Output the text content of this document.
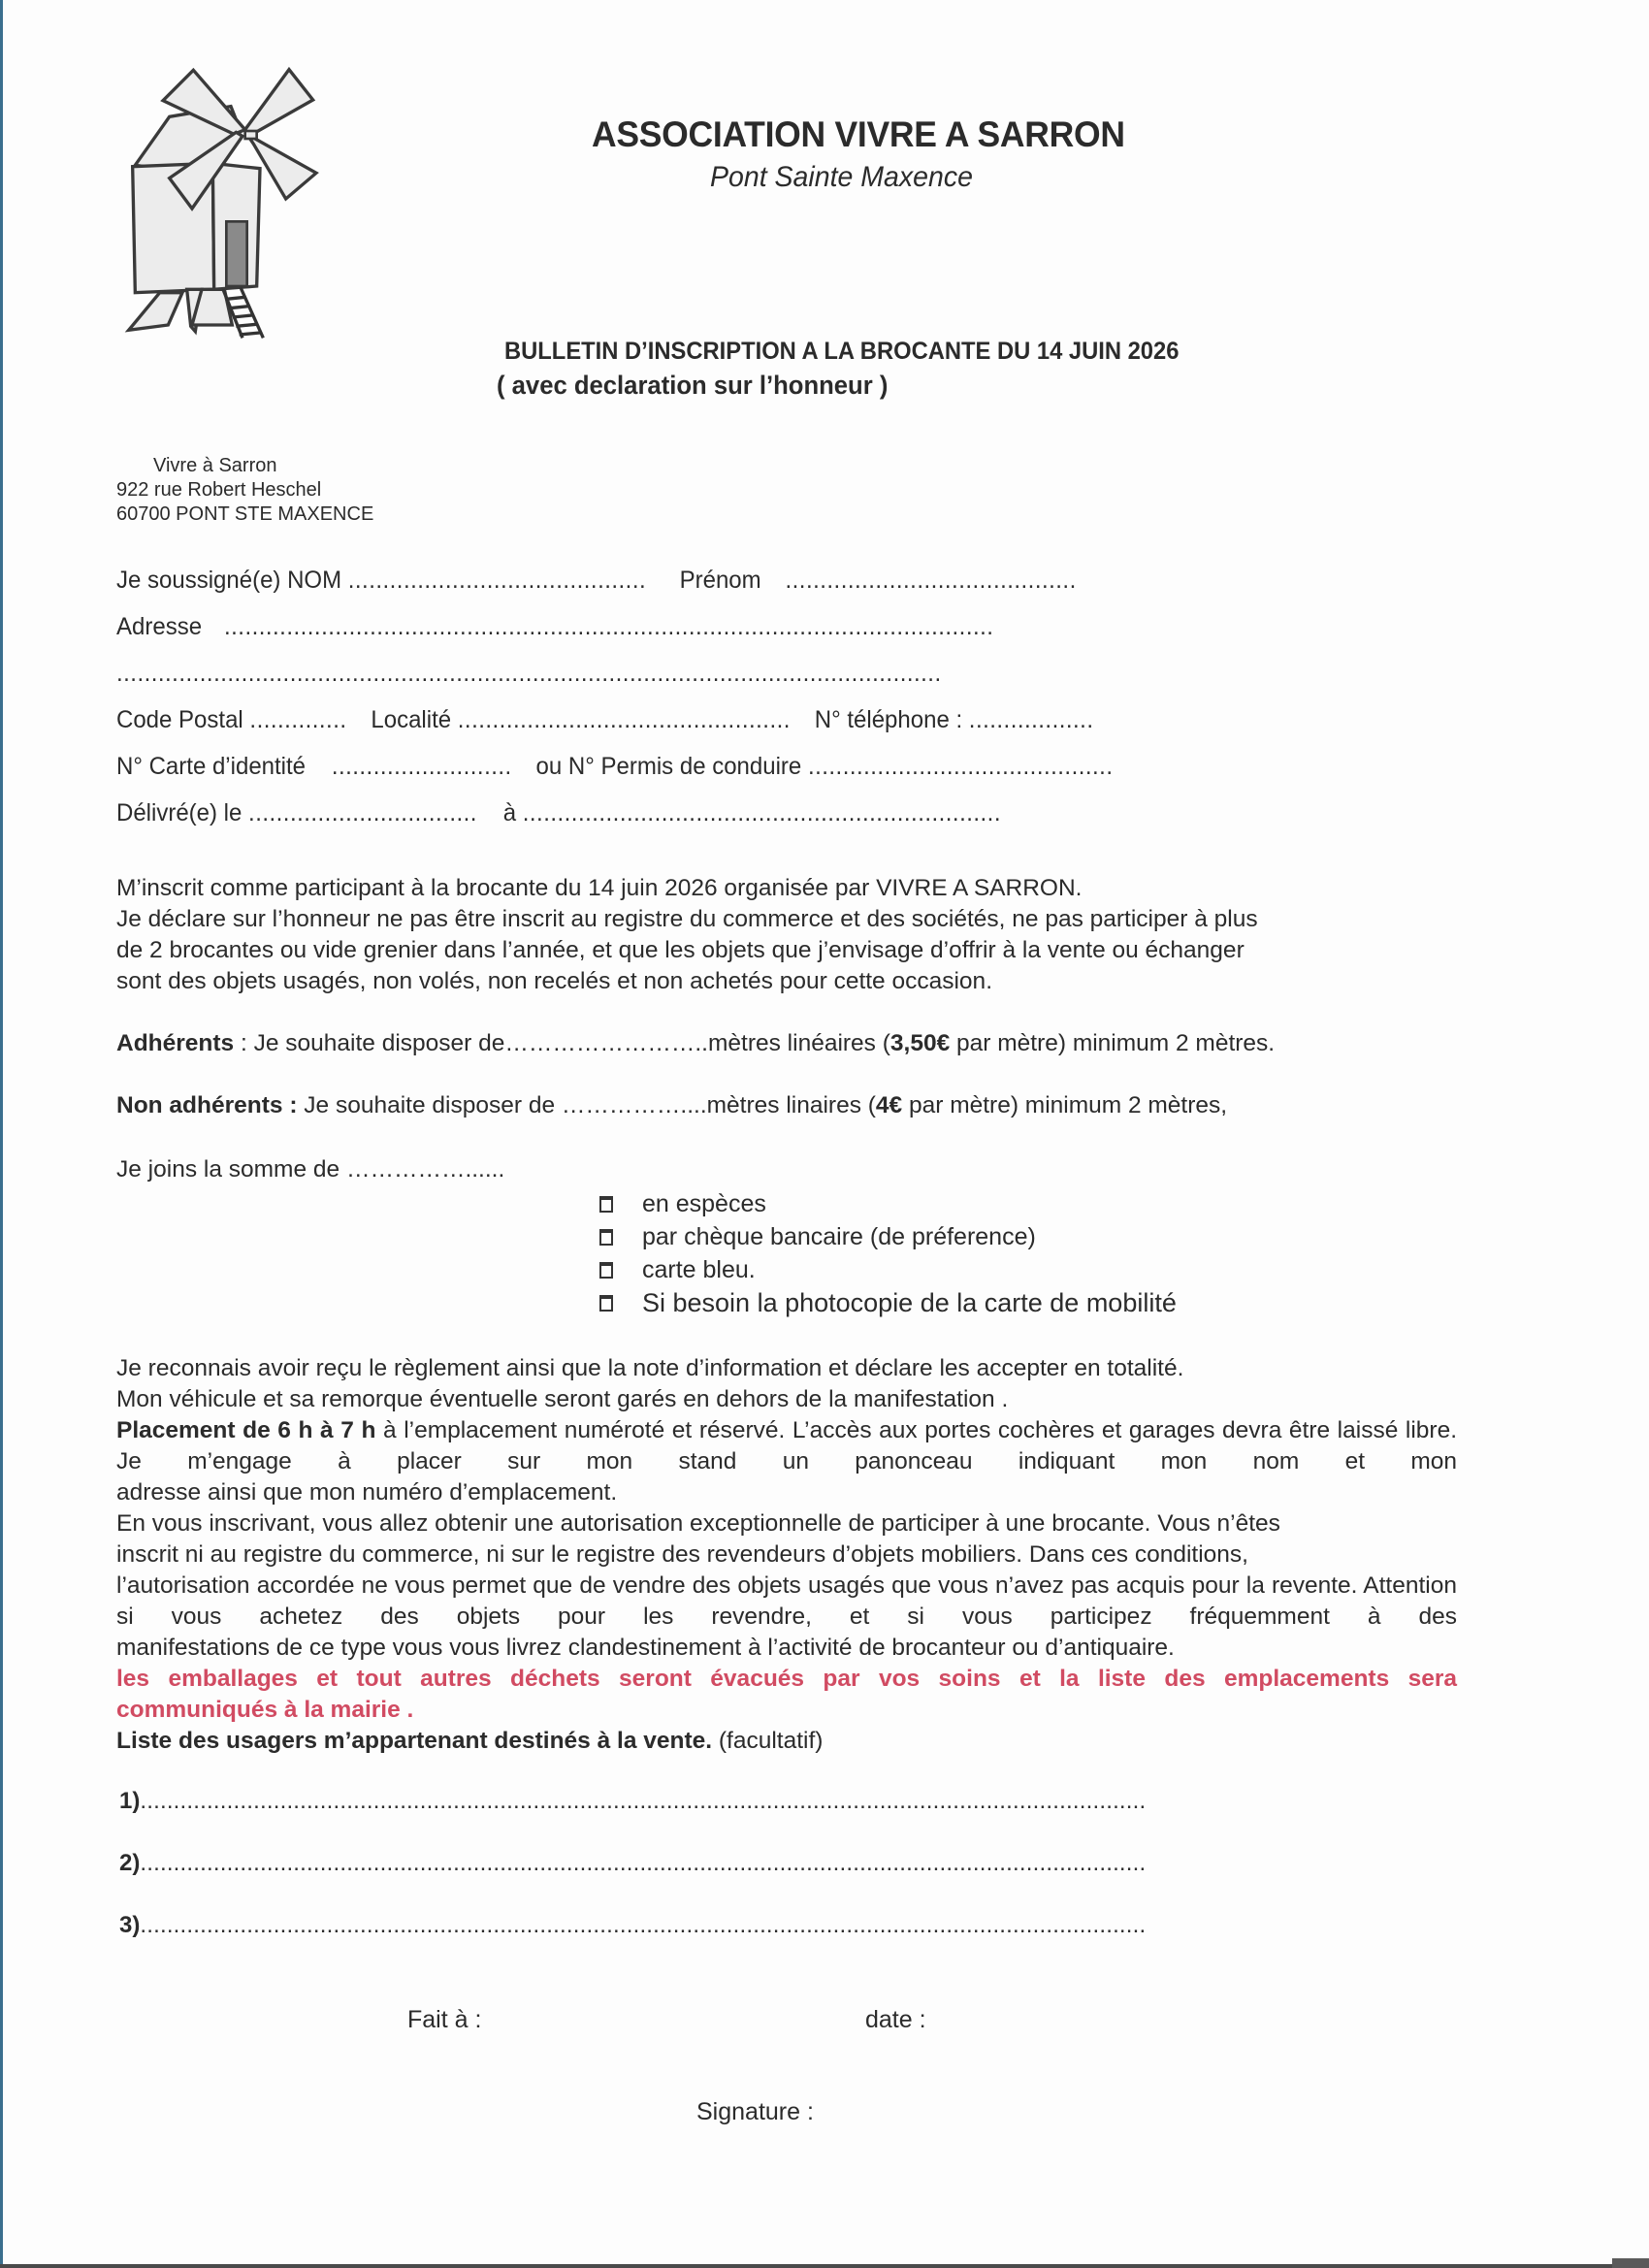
Vivre à Sarron
922 rue Robert Heschel
60700 PONT STE MAXENCE
ASSOCIATION VIVRE A SARRON
Pont Sainte Maxence
BULLETIN D’INSCRIPTION A LA BROCANTE DU 14 JUIN 2026
( avec declaration sur l’honneur )
Je soussigné(e) NOM ........................................... Prénom ..........................................
Adresse ...............................................................................................................
.......................................................................................................................
Code Postal .............. Localité ................................................ N° téléphone : ..................
N° Carte d’identité .......................... ou N° Permis de conduire ............................................
Délivré(e) le ................................. à .....................................................................
M’inscrit comme participant à la brocante du 14 juin 2026 organisée par VIVRE A SARRON.
Je déclare sur l’honneur ne pas être inscrit au registre du commerce et des sociétés, ne pas participer à plus
de 2 brocantes ou vide grenier dans l’année, et que les objets que j’envisage d’offrir à la vente ou échanger
sont des objets usagés, non volés, non recelés et non achetés pour cette occasion.
Adhérents : Je souhaite disposer de……………………..mètres linéaires (3,50€ par mètre) minimum 2 mètres.
Non adhérents : Je souhaite disposer de ……………....mètres linaires (4€ par mètre) minimum 2 mètres,
Je joins la somme de ……………......
en espèces
par chèque bancaire (de préference)
carte bleu.
Si besoin la photocopie de la carte de mobilité
Je reconnais avoir reçu le règlement ainsi que la note d’information et déclare les accepter en totalité.
Mon véhicule et sa remorque éventuelle seront garés en dehors de la manifestation .
Placement de 6 h à 7 h à l’emplacement numéroté et réservé. L’accès aux portes cochères et garages devra être laissé libre. Je m’engage à placer sur mon stand un panonceau indiquant mon nom et mon
adresse ainsi que mon numéro d’emplacement.
En vous inscrivant, vous allez obtenir une autorisation exceptionnelle de participer à une brocante. Vous n’êtes
inscrit ni au registre du commerce, ni sur le registre des revendeurs d’objets mobiliers. Dans ces conditions,
l’autorisation accordée ne vous permet que de vendre des objets usagés que vous n’avez pas acquis pour la revente. Attention si vous achetez des objets pour les revendre, et si vous participez fréquemment à des
manifestations de ce type vous vous livrez clandestinement à l’activité de brocanteur ou d’antiquaire.
les emballages et tout autres déchets seront évacués par vos soins et la liste des emplacements sera
communiqués à la mairie .
Liste des usagers m’appartenant destinés à la vente. (facultatif)
1).......................................................................................................................................................
2).......................................................................................................................................................
3).......................................................................................................................................................
Fait à :	date :
Signature :
